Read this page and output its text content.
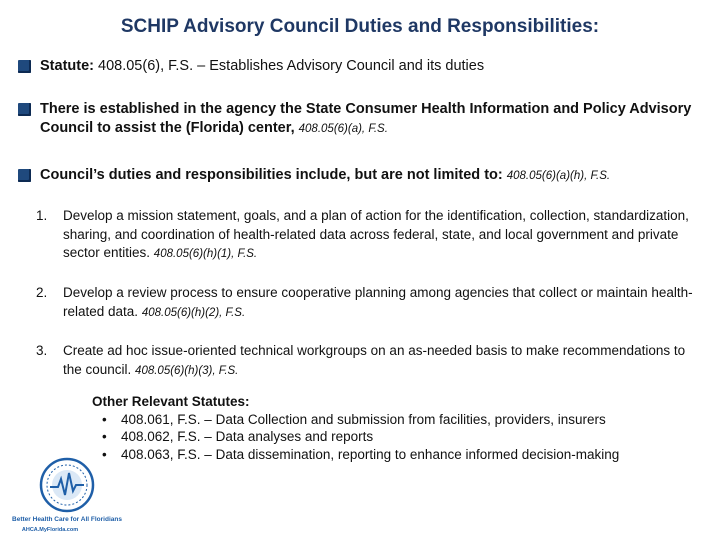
SCHIP Advisory Council Duties and Responsibilities:
Statute: 408.05(6), F.S. – Establishes Advisory Council and its duties
There is established in the agency the State Consumer Health Information and Policy Advisory Council to assist the (Florida) center, 408.05(6)(a), F.S.
Council’s duties and responsibilities include, but are not limited to: 408.05(6)(a)(h), F.S.
1. Develop a mission statement, goals, and a plan of action for the identification, collection, standardization, sharing, and coordination of health-related data across federal, state, and local government and private sector entities. 408.05(6)(h)(1), F.S.
2. Develop a review process to ensure cooperative planning among agencies that collect or maintain health-related data. 408.05(6)(h)(2), F.S.
3. Create ad hoc issue-oriented technical workgroups on an as-needed basis to make recommendations to the council. 408.05(6)(h)(3), F.S.
Other Relevant Statutes:
• 408.061, F.S. – Data Collection and submission from facilities, providers, insurers
• 408.062, F.S. – Data analyses and reports
• 408.063, F.S. – Data dissemination, reporting to enhance informed decision-making
Better Health Care for All Floridians
AHCA.MyFlorida.com
